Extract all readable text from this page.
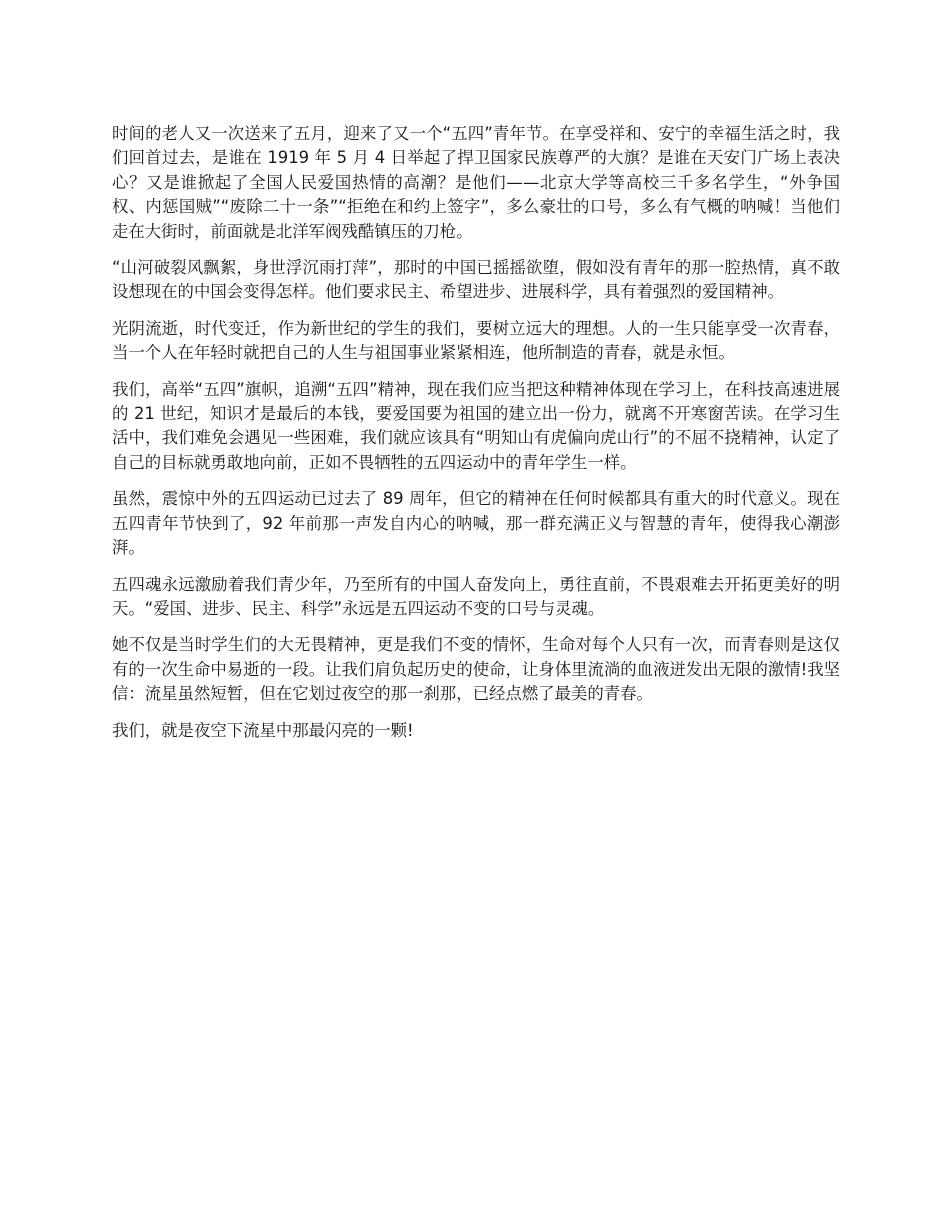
时间的老人又一次送来了五月，迎来了又一个“五四”青年节。在享受祥和、安宁的幸福生活之时，我们回首过去，是谁在 1919 年 5 月 4 日举起了捍卫国家民族尊严的大旗？是谁在天安门广场上表决心？又是谁掀起了全国人民爱国热情的高潮？是他们——北京大学等高校三千多名学生，“外争国权、内惩国贼”“废除二十一条”“拒绝在和约上签字”，多么豪壮的口号，多么有气概的呐喊！当他们走在大街时，前面就是北洋军阀残酷镇压的刀枪。

“山河破裂风飘絮，身世浮沉雨打萍”，那时的中国已摇摇欲堕，假如没有青年的那一腔热情，真不敢设想现在的中国会变得怎样。他们要求民主、希望进步、进展科学，具有着强烈的爱国精神。

光阴流逝，时代变迁，作为新世纪的学生的我们，要树立远大的理想。人的一生只能享受一次青春，当一个人在年轻时就把自己的人生与祖国事业紧紧相连，他所制造的青春，就是永恒。

我们，高举“五四”旗帜，追溯“五四”精神，现在我们应当把这种精神体现在学习上，在科技高速进展的 21 世纪，知识才是最后的本钱，要爱国要为祖国的建立出一份力，就离不开寒窗苦读。在学习生活中，我们难免会遇见一些困难，我们就应该具有“明知山有虎偏向虎山行”的不屈不挠精神，认定了自己的目标就勇敢地向前，正如不畏牺牲的五四运动中的青年学生一样。

虽然，震惊中外的五四运动已过去了 89 周年，但它的精神在任何时候都具有重大的时代意义。现在五四青年节快到了，92 年前那一声发自内心的呐喊，那一群充满正义与智慧的青年，使得我心潮澎湃。

五四魂永远激励着我们青少年，乃至所有的中国人奋发向上，勇往直前，不畏艰难去开拓更美好的明天。“爱国、进步、民主、科学”永远是五四运动不变的口号与灵魂。

她不仅是当时学生们的大无畏精神，更是我们不变的情怀，生命对每个人只有一次，而青春则是这仅有的一次生命中易逝的一段。让我们肩负起历史的使命，让身体里流淌的血液迸发出无限的激情!我坚信：流星虽然短暂，但在它划过夜空的那一刹那，已经点燃了最美的青春。

我们，就是夜空下流星中那最闪亮的一颗!
